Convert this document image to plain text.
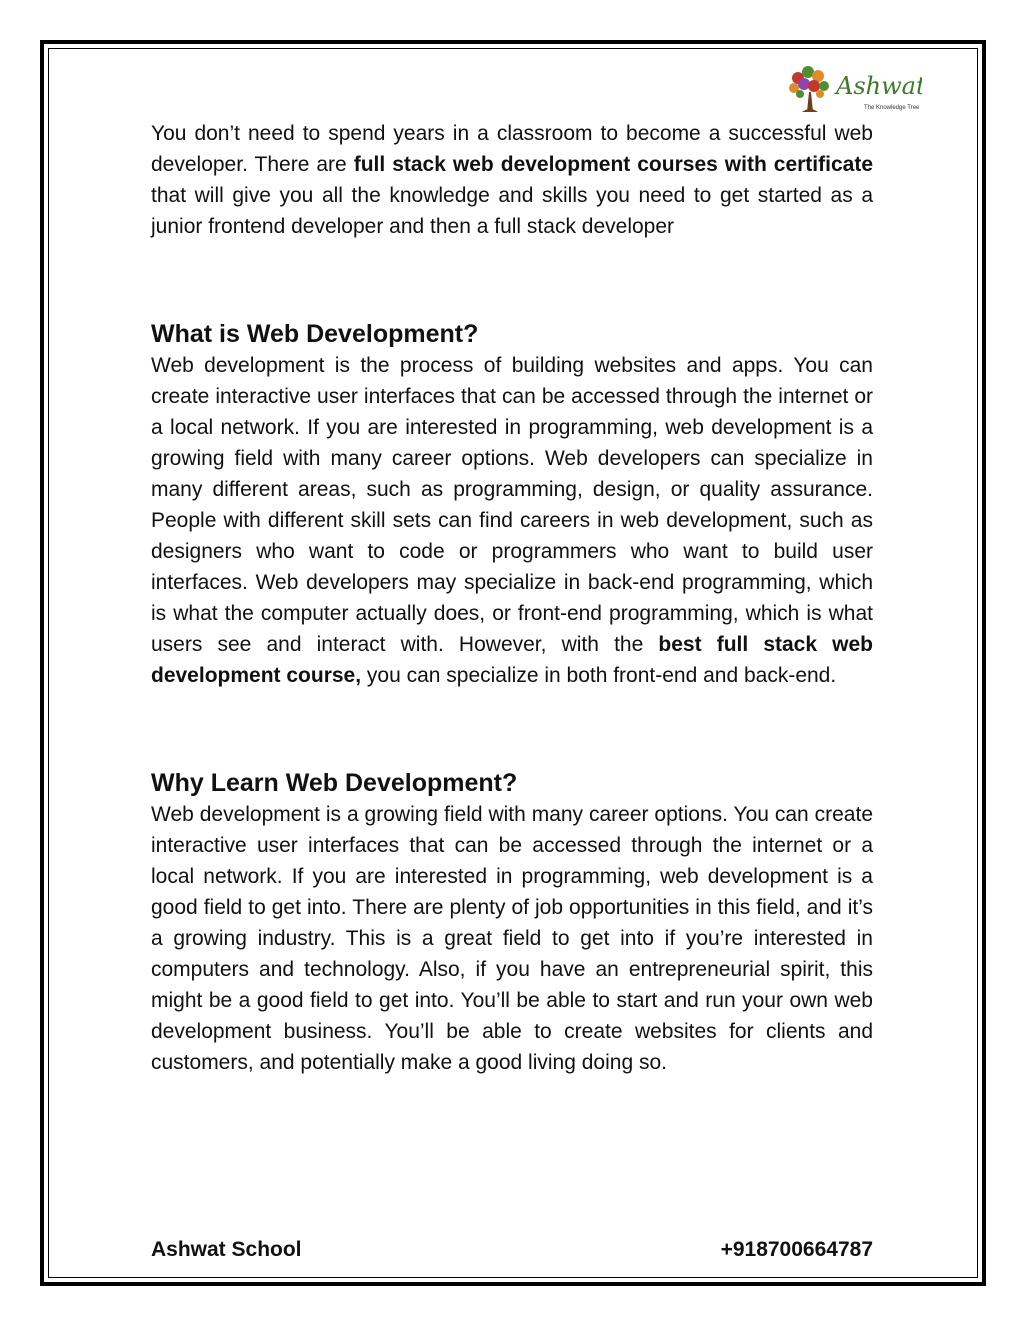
Ashwat
The Knowledge Tree

You don’t need to spend years in a classroom to become a successful web developer. There are full stack web development courses with certificate that will give you all the knowledge and skills you need to get started as a junior frontend developer and then a full stack developer

What is Web Development?

Web development is the process of building websites and apps. You can create interactive user interfaces that can be accessed through the internet or a local network. If you are interested in programming, web development is a growing field with many career options. Web developers can specialize in many different areas, such as programming, design, or quality assurance. People with different skill sets can find careers in web development, such as designers who want to code or programmers who want to build user interfaces. Web developers may specialize in back-end programming, which is what the computer actually does, or front-end programming, which is what users see and interact with. However, with the best full stack web development course, you can specialize in both front-end and back-end.

Why Learn Web Development?

Web development is a growing field with many career options. You can create interactive user interfaces that can be accessed through the internet or a local network. If you are interested in programming, web development is a good field to get into. There are plenty of job opportunities in this field, and it’s a growing industry. This is a great field to get into if you’re interested in computers and technology. Also, if you have an entrepreneurial spirit, this might be a good field to get into. You’ll be able to start and run your own web development business. You’ll be able to create websites for clients and customers, and potentially make a good living doing so.

Ashwat School	+918700664787
